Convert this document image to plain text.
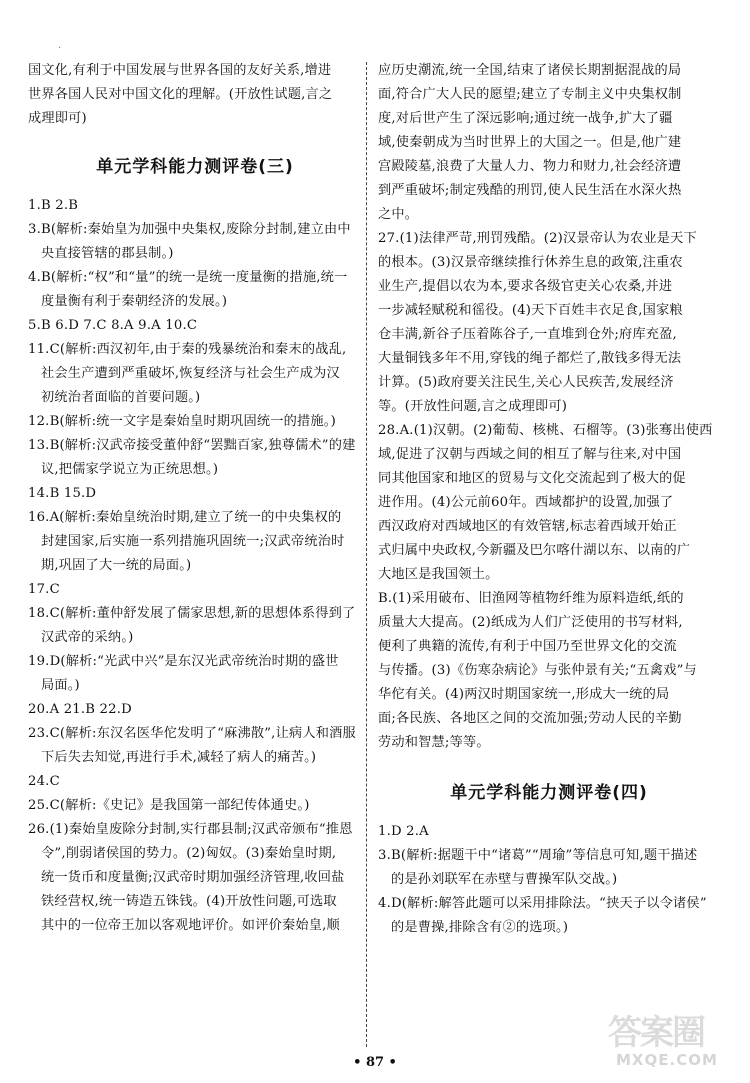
.
国文化,有利于中国发展与世界各国的友好关系,增进
世界各国人民对中国文化的理解。(开放性试题,言之
成理即可)
单元学科能力测评卷(三)
1.B 2.B
3.B(解析:秦始皇为加强中央集权,废除分封制,建立由中
央直接管辖的郡县制。)
4.B(解析:“权”和“量”的统一是统一度量衡的措施,统一
度量衡有利于秦朝经济的发展。)
5.B 6.D 7.C 8.A 9.A 10.C
11.C(解析:西汉初年,由于秦的残暴统治和秦末的战乱,
社会生产遭到严重破坏,恢复经济与社会生产成为汉
初统治者面临的首要问题。)
12.B(解析:统一文字是秦始皇时期巩固统一的措施。)
13.B(解析:汉武帝接受董仲舒“罢黜百家,独尊儒术”的建
议,把儒家学说立为正统思想。)
14.B 15.D
16.A(解析:秦始皇统治时期,建立了统一的中央集权的
封建国家,后实施一系列措施巩固统一;汉武帝统治时
期,巩固了大一统的局面。)
17.C
18.C(解析:董仲舒发展了儒家思想,新的思想体系得到了
汉武帝的采纳。)
19.D(解析:“光武中兴”是东汉光武帝统治时期的盛世
局面。)
20.A 21.B 22.D
23.C(解析:东汉名医华佗发明了“麻沸散”,让病人和酒服
下后失去知觉,再进行手术,减轻了病人的痛苦。)
24.C
25.C(解析:《史记》是我国第一部纪传体通史。)
26.(1)秦始皇废除分封制,实行郡县制;汉武帝颁布“推恩
令”,削弱诸侯国的势力。(2)匈奴。(3)秦始皇时期,
统一货币和度量衡;汉武帝时期加强经济管理,收回盐
铁经营权,统一铸造五铢钱。(4)开放性问题,可选取
其中的一位帝王加以客观地评价。如评价秦始皇,顺
应历史潮流,统一全国,结束了诸侯长期割据混战的局
面,符合广大人民的愿望;建立了专制主义中央集权制
度,对后世产生了深远影响;通过统一战争,扩大了疆
域,使秦朝成为当时世界上的大国之一。但是,他广建
宫殿陵墓,浪费了大量人力、物力和财力,社会经济遭
到严重破坏;制定残酷的刑罚,使人民生活在水深火热
之中。
27.(1)法律严苛,刑罚残酷。(2)汉景帝认为农业是天下
的根本。(3)汉景帝继续推行休养生息的政策,注重农
业生产,提倡以农为本,要求各级官吏关心农桑,并进
一步减轻赋税和徭役。(4)天下百姓丰衣足食,国家粮
仓丰满,新谷子压着陈谷子,一直堆到仓外;府库充盈,
大量铜钱多年不用,穿钱的绳子都烂了,散钱多得无法
计算。(5)政府要关注民生,关心人民疾苦,发展经济
等。(开放性问题,言之成理即可)
28.A.(1)汉朝。(2)葡萄、核桃、石榴等。(3)张骞出使西
域,促进了汉朝与西域之间的相互了解与往来,对中国
同其他国家和地区的贸易与文化交流起到了极大的促
进作用。(4)公元前60年。西域都护的设置,加强了
西汉政府对西域地区的有效管辖,标志着西域开始正
式归属中央政权,今新疆及巴尔喀什湖以东、以南的广
大地区是我国领土。
B.(1)采用破布、旧渔网等植物纤维为原料造纸,纸的
质量大大提高。(2)纸成为人们广泛使用的书写材料,
便利了典籍的流传,有利于中国乃至世界文化的交流
与传播。(3)《伤寒杂病论》与张仲景有关;“五禽戏”与
华佗有关。(4)两汉时期国家统一,形成大一统的局
面;各民族、各地区之间的交流加强;劳动人民的辛勤
劳动和智慧;等等。
单元学科能力测评卷(四)
1.D 2.A
3.B(解析:据题干中“诸葛”“周瑜”等信息可知,题干描述
的是孙刘联军在赤壁与曹操军队交战。)
4.D(解析:解答此题可以采用排除法。“挟天子以令诸侯”
的是曹操,排除含有②的选项。)
• 87 •
答案圈
MXQE.COM
